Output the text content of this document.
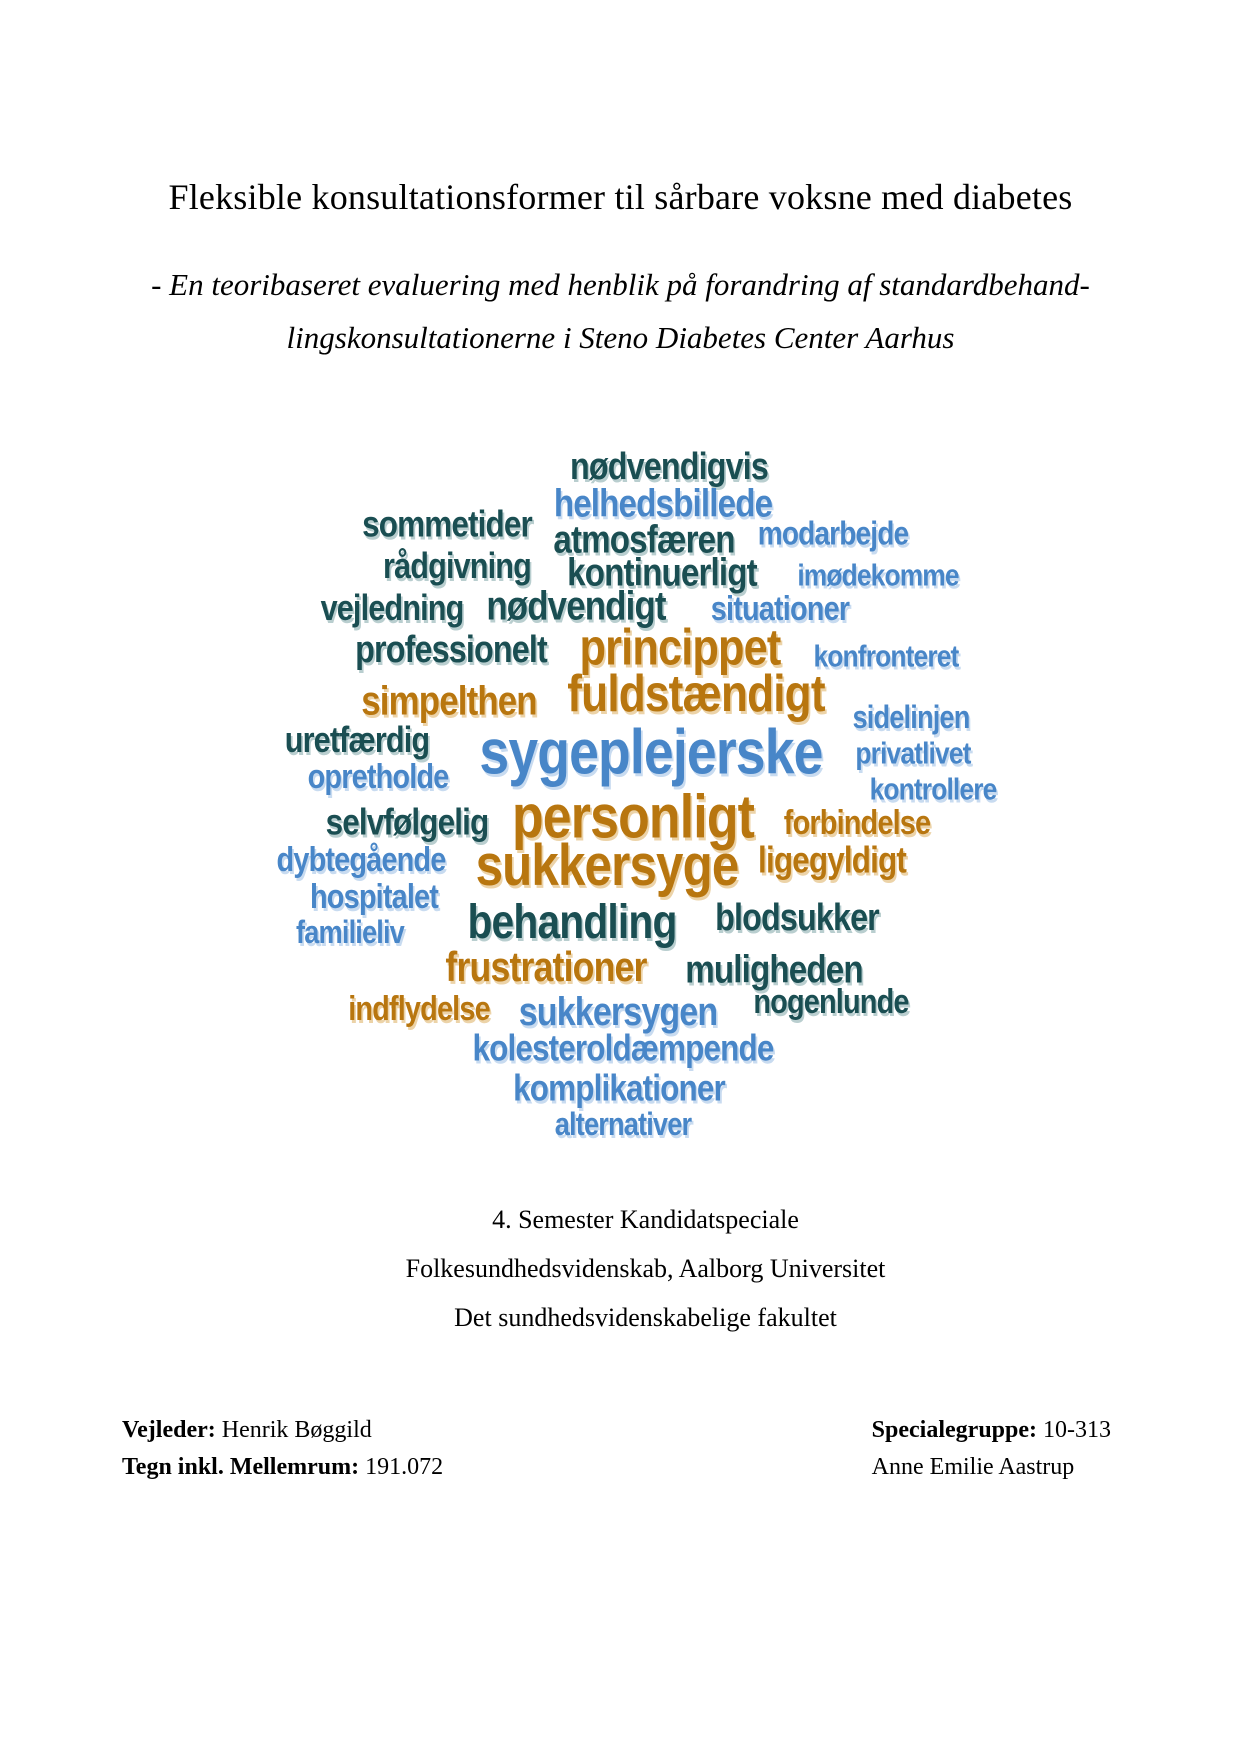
Fleksible konsultationsformer til sårbare voksne med diabetes
- En teoribaseret evaluering med henblik på forandring af standardbehand-
lingskonsultationerne i Steno Diabetes Center Aarhus
nødvendigvis
helhedsbillede
sommetider atmosfæren modarbejde
rådgivning kontinuerligt imødekomme
vejledning nødvendigt situationer
professionelt princippet konfronteret
simpelthen fuldstændigt sidelinjen
uretfærdig sygeplejerske privatlivet
opretholde	kontrollere
selvfølgelig personligt forbindelse
dybtegående sukkersyge ligegyldigt
hospitalet
familieliv behandling blodsukker
frustrationer muligheden
indflydelse sukkersygen nogenlunde
kolesteroldæmpende
komplikationer
alternativer
4. Semester Kandidatspeciale
Folkesundhedsvidenskab, Aalborg Universitet
Det sundhedsvidenskabelige fakultet
Vejleder: Henrik Bøggild
Tegn inkl. Mellemrum: 191.072
Specialegruppe: 10-313
Anne Emilie Aastrup
